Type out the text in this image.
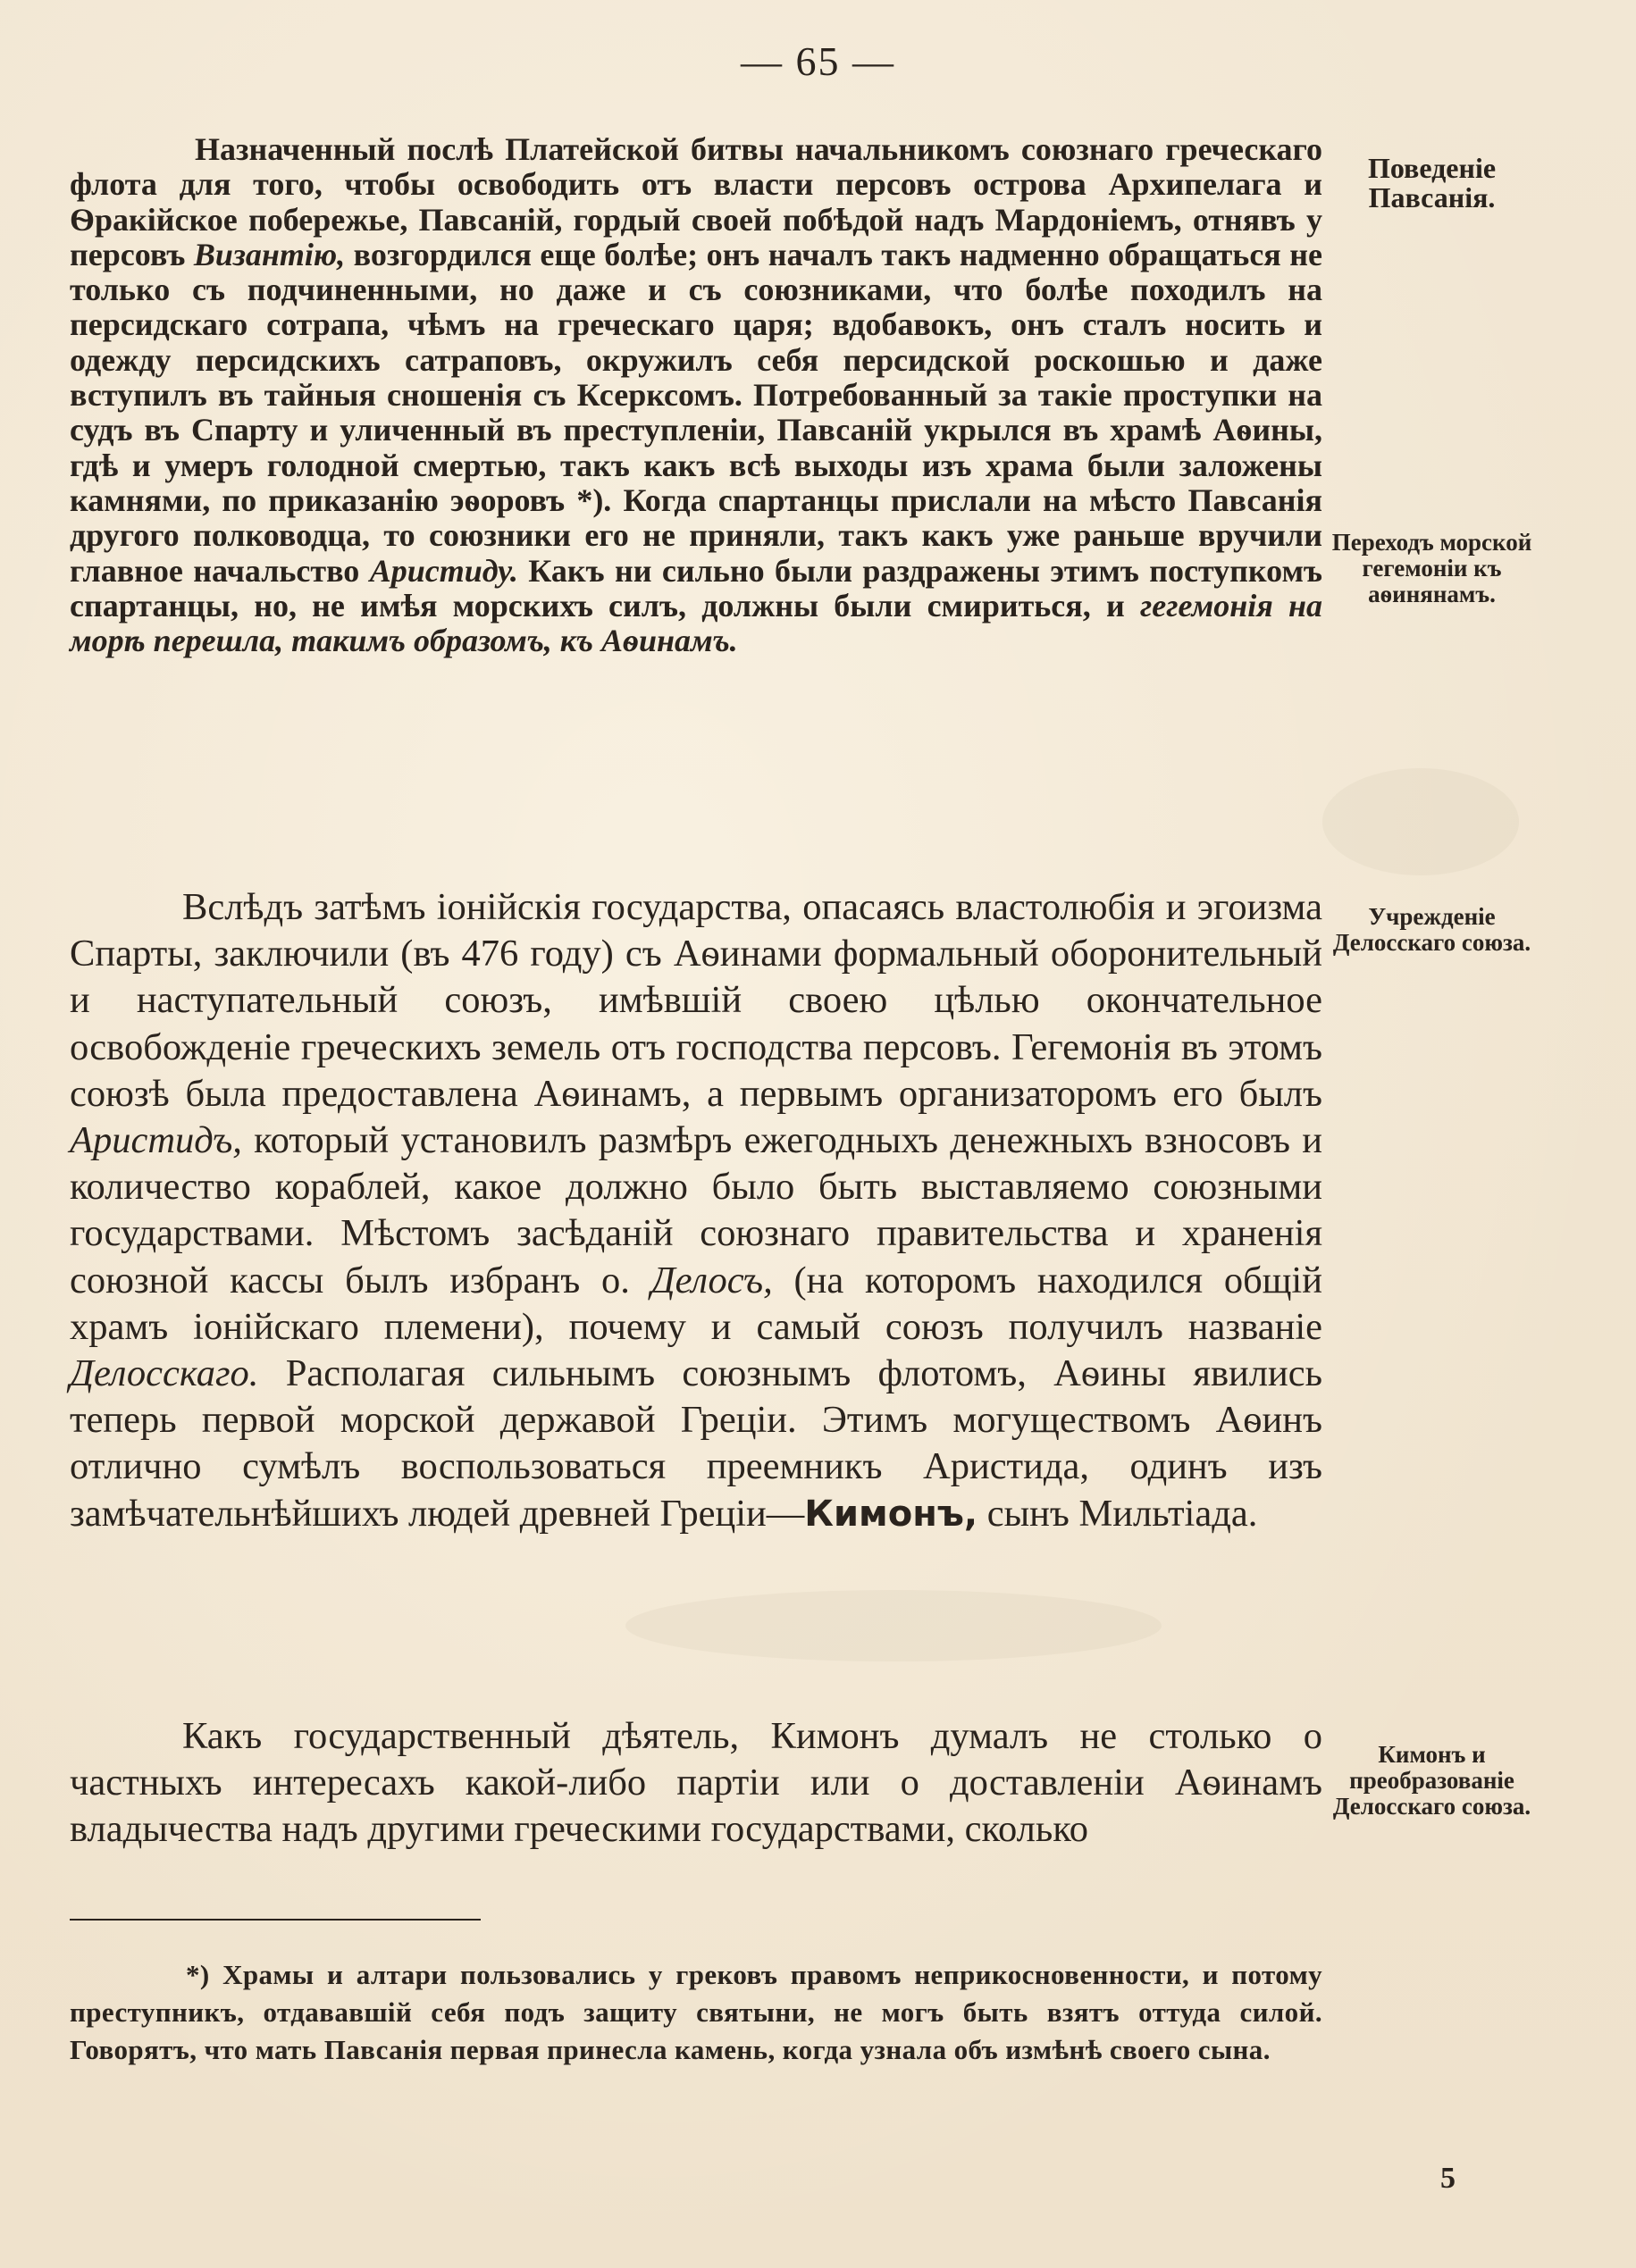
— 65 —
Назначенный послѣ Платейской битвы начальникомъ союзнаго греческаго флота для того, чтобы освободить отъ власти персовъ острова Архипелага и Ѳракійское побережье, Павсаній, гордый своей побѣдой надъ Мардоніемъ, отнявъ у персовъ Византію, возгордился еще болѣе; онъ началъ такъ надменно обращаться не только съ подчиненными, но даже и съ союзниками, что болѣе походилъ на персидскаго сотрапа, чѣмъ на греческаго царя; вдобавокъ, онъ сталъ носить и одежду персидскихъ сатраповъ, окружилъ себя персидской роскошью и даже вступилъ въ тайныя сношенія съ Ксерксомъ. Потребованный за такіе проступки на судъ въ Спарту и уличенный въ преступленіи, Павсаній укрылся въ храмѣ Аѳины, гдѣ и умеръ голодной смертью, такъ какъ всѣ выходы изъ храма были заложены камнями, по приказанію эѳоровъ *). Когда спартанцы прислали на мѣсто Павсанія другого полководца, то союзники его не приняли, такъ какъ уже раньше вручили главное начальство Аристиду. Какъ ни сильно были раздражены этимъ поступкомъ спартанцы, но, не имѣя морскихъ силъ, должны были смириться, и гегемонія на морѣ перешла, такимъ образомъ, къ Аѳинамъ.
Вслѣдъ затѣмъ іонійскія государства, опасаясь властолюбія и эгоизма Спарты, заключили (въ 476 году) съ Аѳинами формальный оборонительный и наступательный союзъ, имѣвшій своею цѣлью окончательное освобожденіе греческихъ земель отъ господства персовъ. Гегемонія въ этомъ союзѣ была предоставлена Аѳинамъ, а первымъ организаторомъ его былъ Аристидъ, который установилъ размѣръ ежегодныхъ денежныхъ взносовъ и количество кораблей, какое должно было быть выставляемо союзными государствами. Мѣстомъ засѣданій союзнаго правительства и храненія союзной кассы былъ избранъ о. Делосъ, (на которомъ находился общій храмъ іонійскаго племени), почему и самый союзъ получилъ названіе Делосскаго. Располагая сильнымъ союзнымъ флотомъ, Аѳины явились теперь первой морской державой Греціи. Этимъ могуществомъ Аѳинъ отлично сумѣлъ воспользоваться преемникъ Аристида, одинъ изъ замѣчательнѣйшихъ людей древней Греціи—Кимонъ, сынъ Мильтіада.
Какъ государственный дѣятель, Кимонъ думалъ не столько о частныхъ интересахъ какой-либо партіи или о доставленіи Аѳинамъ владычества надъ другими греческими государствами, сколько
Поведеніе Павсанія.
Переходъ морской гегемоніи къ аѳинянамъ.
Учрежденіе Делосскаго союза.
Кимонъ и преобразованіе Делосскаго союза.
*) Храмы и алтари пользовались у грековъ правомъ неприкосновенности, и потому преступникъ, отдававшій себя подъ защиту святыни, не могъ быть взятъ оттуда силой. Говорятъ, что мать Павсанія первая принесла камень, когда узнала объ измѣнѣ своего сына.
5
